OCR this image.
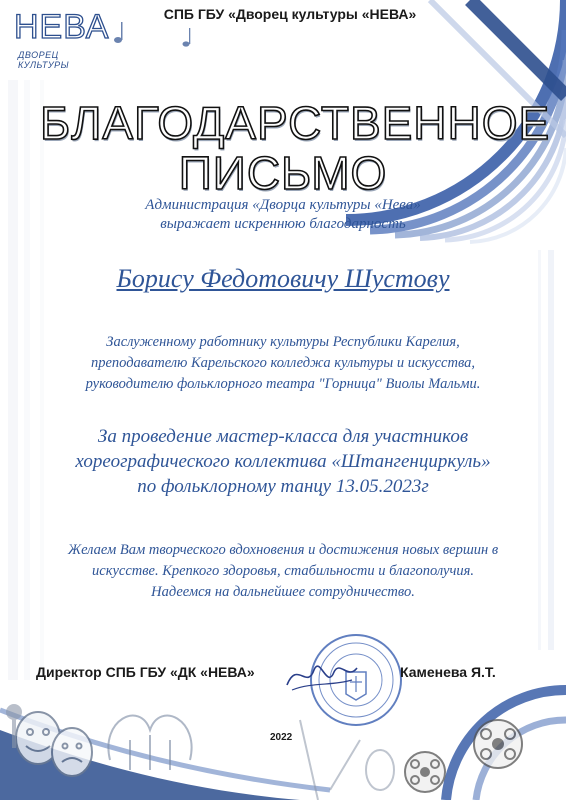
НЕВА
ДВОРЕЦ КУЛЬТУРЫ
СПБ ГБУ «Дворец культуры «НЕВА»
БЛАГОДАРСТВЕННОЕ
ПИСЬМО
Администрация «Дворца культуры «Нева»
выражает искреннюю благодарность
Борису Федотовичу Шустову
Заслуженному работнику культуры Республики Карелия,
преподавателю Карельского колледжа культуры и искусства,
руководителю фольклорного театра "Горница" Виолы Мальми.
За проведение мастер-класса для участников
хореографического коллектива «Штангенциркуль»
по фольклорному танцу 13.05.2023г
Желаем Вам творческого вдохновения и достижения новых вершин в
искусстве. Крепкого здоровья, стабильности и благополучия.
Надеемся на дальнейшее сотрудничество.
Директор СПБ ГБУ «ДК «НЕВА»	Каменева Я.Т.
2022
